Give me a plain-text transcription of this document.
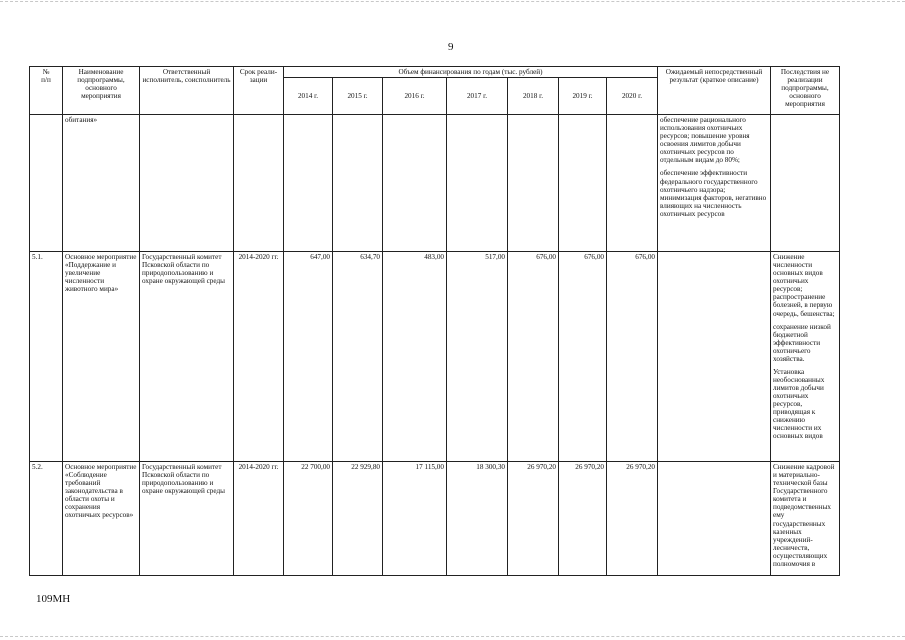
9
№
п/п	Наименование подпрограммы, основного мероприятия	Ответственный исполнитель, соисполнитель	Срок реали-зации	Объем финансирования по годам (тыс. рублей)							Ожидаемый непосредственный результат (краткое описание)	Последствия не реализации подпрограммы, основного мероприятия
				2014 г.	2015 г.	2016 г.	2017 г.	2018 г.	2019 г.	2020 г.		
	обитания»										обеспечение рационального использования охотничьих ресурсов; повышение уровня освоения лимитов добычи охотничьих ресурсов по отдельным видам до 80%;

обеспечение эффективности федерального государственного охотничьего надзора; минимизация факторов, негативно влияющих на численность охотничьих ресурсов	

5.1.	Основное мероприятие «Поддержание и увеличение численности животного мира»	Государственный комитет Псковской области по природопользованию и охране окружающей среды	2014-2020 гг.	647,00	634,70	483,00	517,00	676,00	676,00	676,00		Снижение численности основных видов охотничьих ресурсов; распространение болезней, в первую очередь, бешенства;

сохранение низкой бюджетной эффективности охотничьего хозяйства.

Установка необоснованных лимитов добычи охотничьих ресурсов, приводящая к снижению численности их основных видов

5.2.	Основное мероприятие «Соблюдение требований законодательства в области охоты и сохранения охотничьих ресурсов»	Государственный комитет Псковской области по природопользованию и охране окружающей среды	2014-2020 гг.	22 700,00	22 929,80	17 115,00	18 300,30	26 970,20	26 970,20	26 970,20		Снижение кадровой и материально-технической базы Государственного комитета и подведомственных ему государственных казенных учреждений-лесничеств, осуществляющих полномочия в

109МН
